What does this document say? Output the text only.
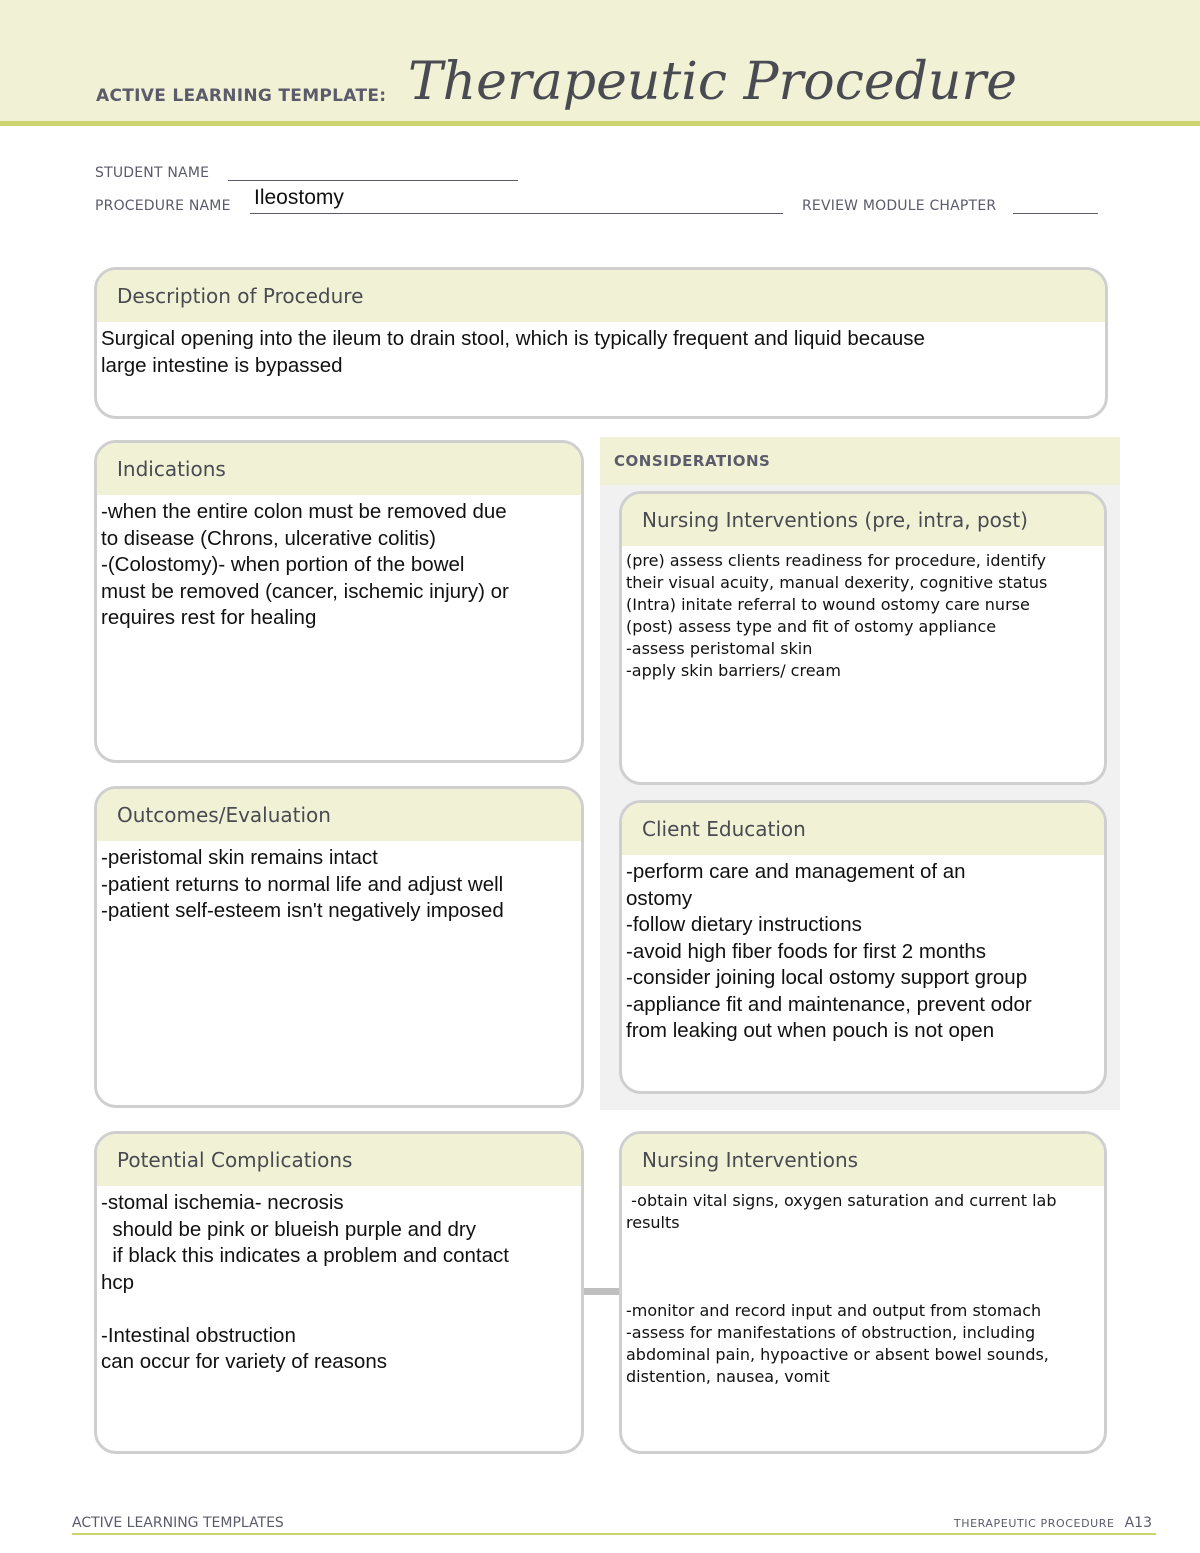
ACTIVE LEARNING TEMPLATE: Therapeutic Procedure
STUDENT NAME
PROCEDURE NAME Ileostomy	REVIEW MODULE CHAPTER
Description of Procedure
Surgical opening into the ileum to drain stool, which is typically frequent and liquid because
large intestine is bypassed
CONSIDERATIONS
Indications
-when the entire colon must be removed due
to disease (Chrons, ulcerative colitis)
-(Colostomy)- when portion of the bowel
must be removed (cancer, ischemic injury) or
requires rest for healing
Nursing Interventions (pre, intra, post)
(pre) assess clients readiness for procedure, identify
their visual acuity, manual dexerity, cognitive status
(Intra) initate referral to wound ostomy care nurse
(post) assess type and fit of ostomy appliance
-assess peristomal skin
-apply skin barriers/ cream
Outcomes/Evaluation
-peristomal skin remains intact
-patient returns to normal life and adjust well
-patient self-esteem isn't negatively imposed
Client Education
-perform care and management of an
ostomy
-follow dietary instructions
-avoid high fiber foods for first 2 months
-consider joining local ostomy support group
-appliance fit and maintenance, prevent odor
from leaking out when pouch is not open
Potential Complications
-stomal ischemia- necrosis
should be pink or blueish purple and dry
if black this indicates a problem and contact
hcp

-Intestinal obstruction
can occur for variety of reasons
Nursing Interventions
-obtain vital signs, oxygen saturation and current lab
results

-monitor and record input and output from stomach
-assess for manifestations of obstruction, including
abdominal pain, hypoactive or absent bowel sounds,
distention, nausea, vomit
ACTIVE LEARNING TEMPLATES	THERAPEUTIC PROCEDURE A13
